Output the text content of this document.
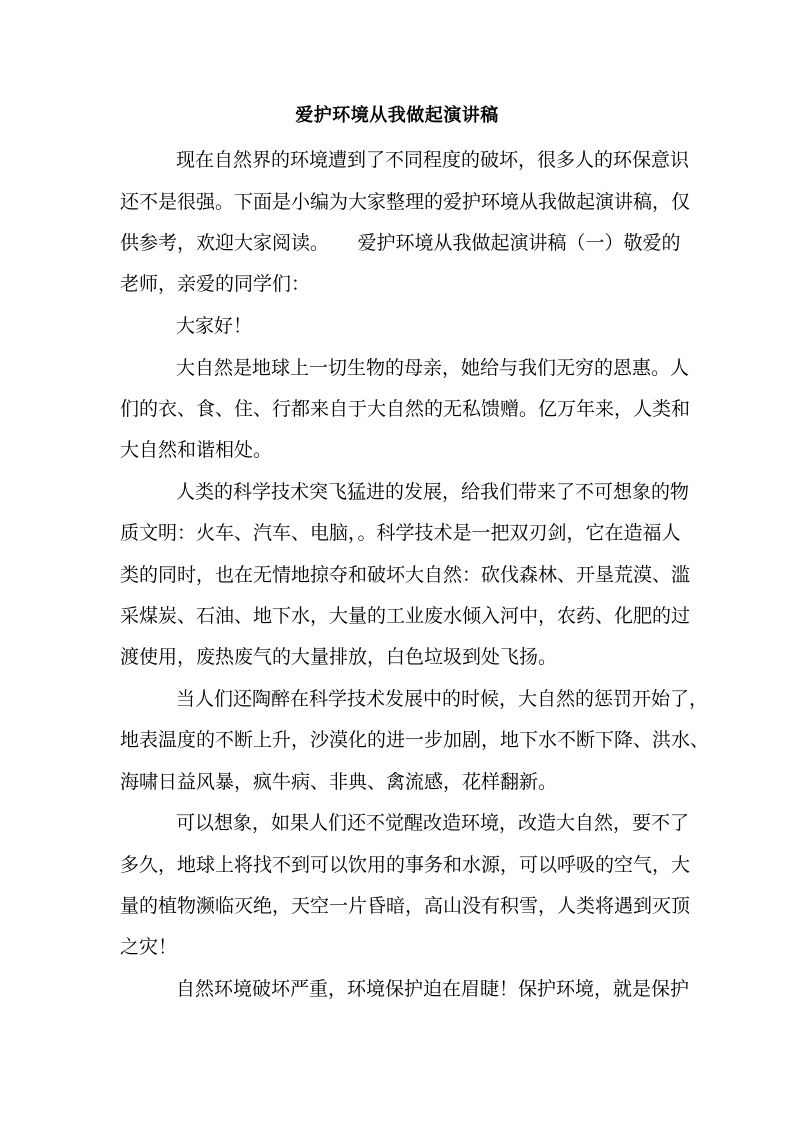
爱护环境从我做起演讲稿
现在自然界的环境遭到了不同程度的破坏，很多人的环保意识
还不是很强。下面是小编为大家整理的爱护环境从我做起演讲稿，仅
供参考，欢迎大家阅读。　　爱护环境从我做起演讲稿（一）敬爱的
老师，亲爱的同学们：
大家好！
大自然是地球上一切生物的母亲，她给与我们无穷的恩惠。人
们的衣、食、住、行都来自于大自然的无私馈赠。亿万年来，人类和
大自然和谐相处。
人类的科学技术突飞猛进的发展，给我们带来了不可想象的物
质文明：火车、汽车、电脑，。科学技术是一把双刃剑，它在造福人
类的同时，也在无情地掠夺和破坏大自然：砍伐森林、开垦荒漠、滥
采煤炭、石油、地下水，大量的工业废水倾入河中，农药、化肥的过
渡使用，废热废气的大量排放，白色垃圾到处飞扬。
当人们还陶醉在科学技术发展中的时候，大自然的惩罚开始了，
地表温度的不断上升，沙漠化的进一步加剧，地下水不断下降、洪水、
海啸日益风暴，疯牛病、非典、禽流感，花样翻新。
可以想象，如果人们还不觉醒改造环境，改造大自然，要不了
多久，地球上将找不到可以饮用的事务和水源，可以呼吸的空气，大
量的植物濒临灭绝，天空一片昏暗，高山没有积雪，人类将遇到灭顶
之灾！
自然环境破坏严重，环境保护迫在眉睫！保护环境，就是保护
